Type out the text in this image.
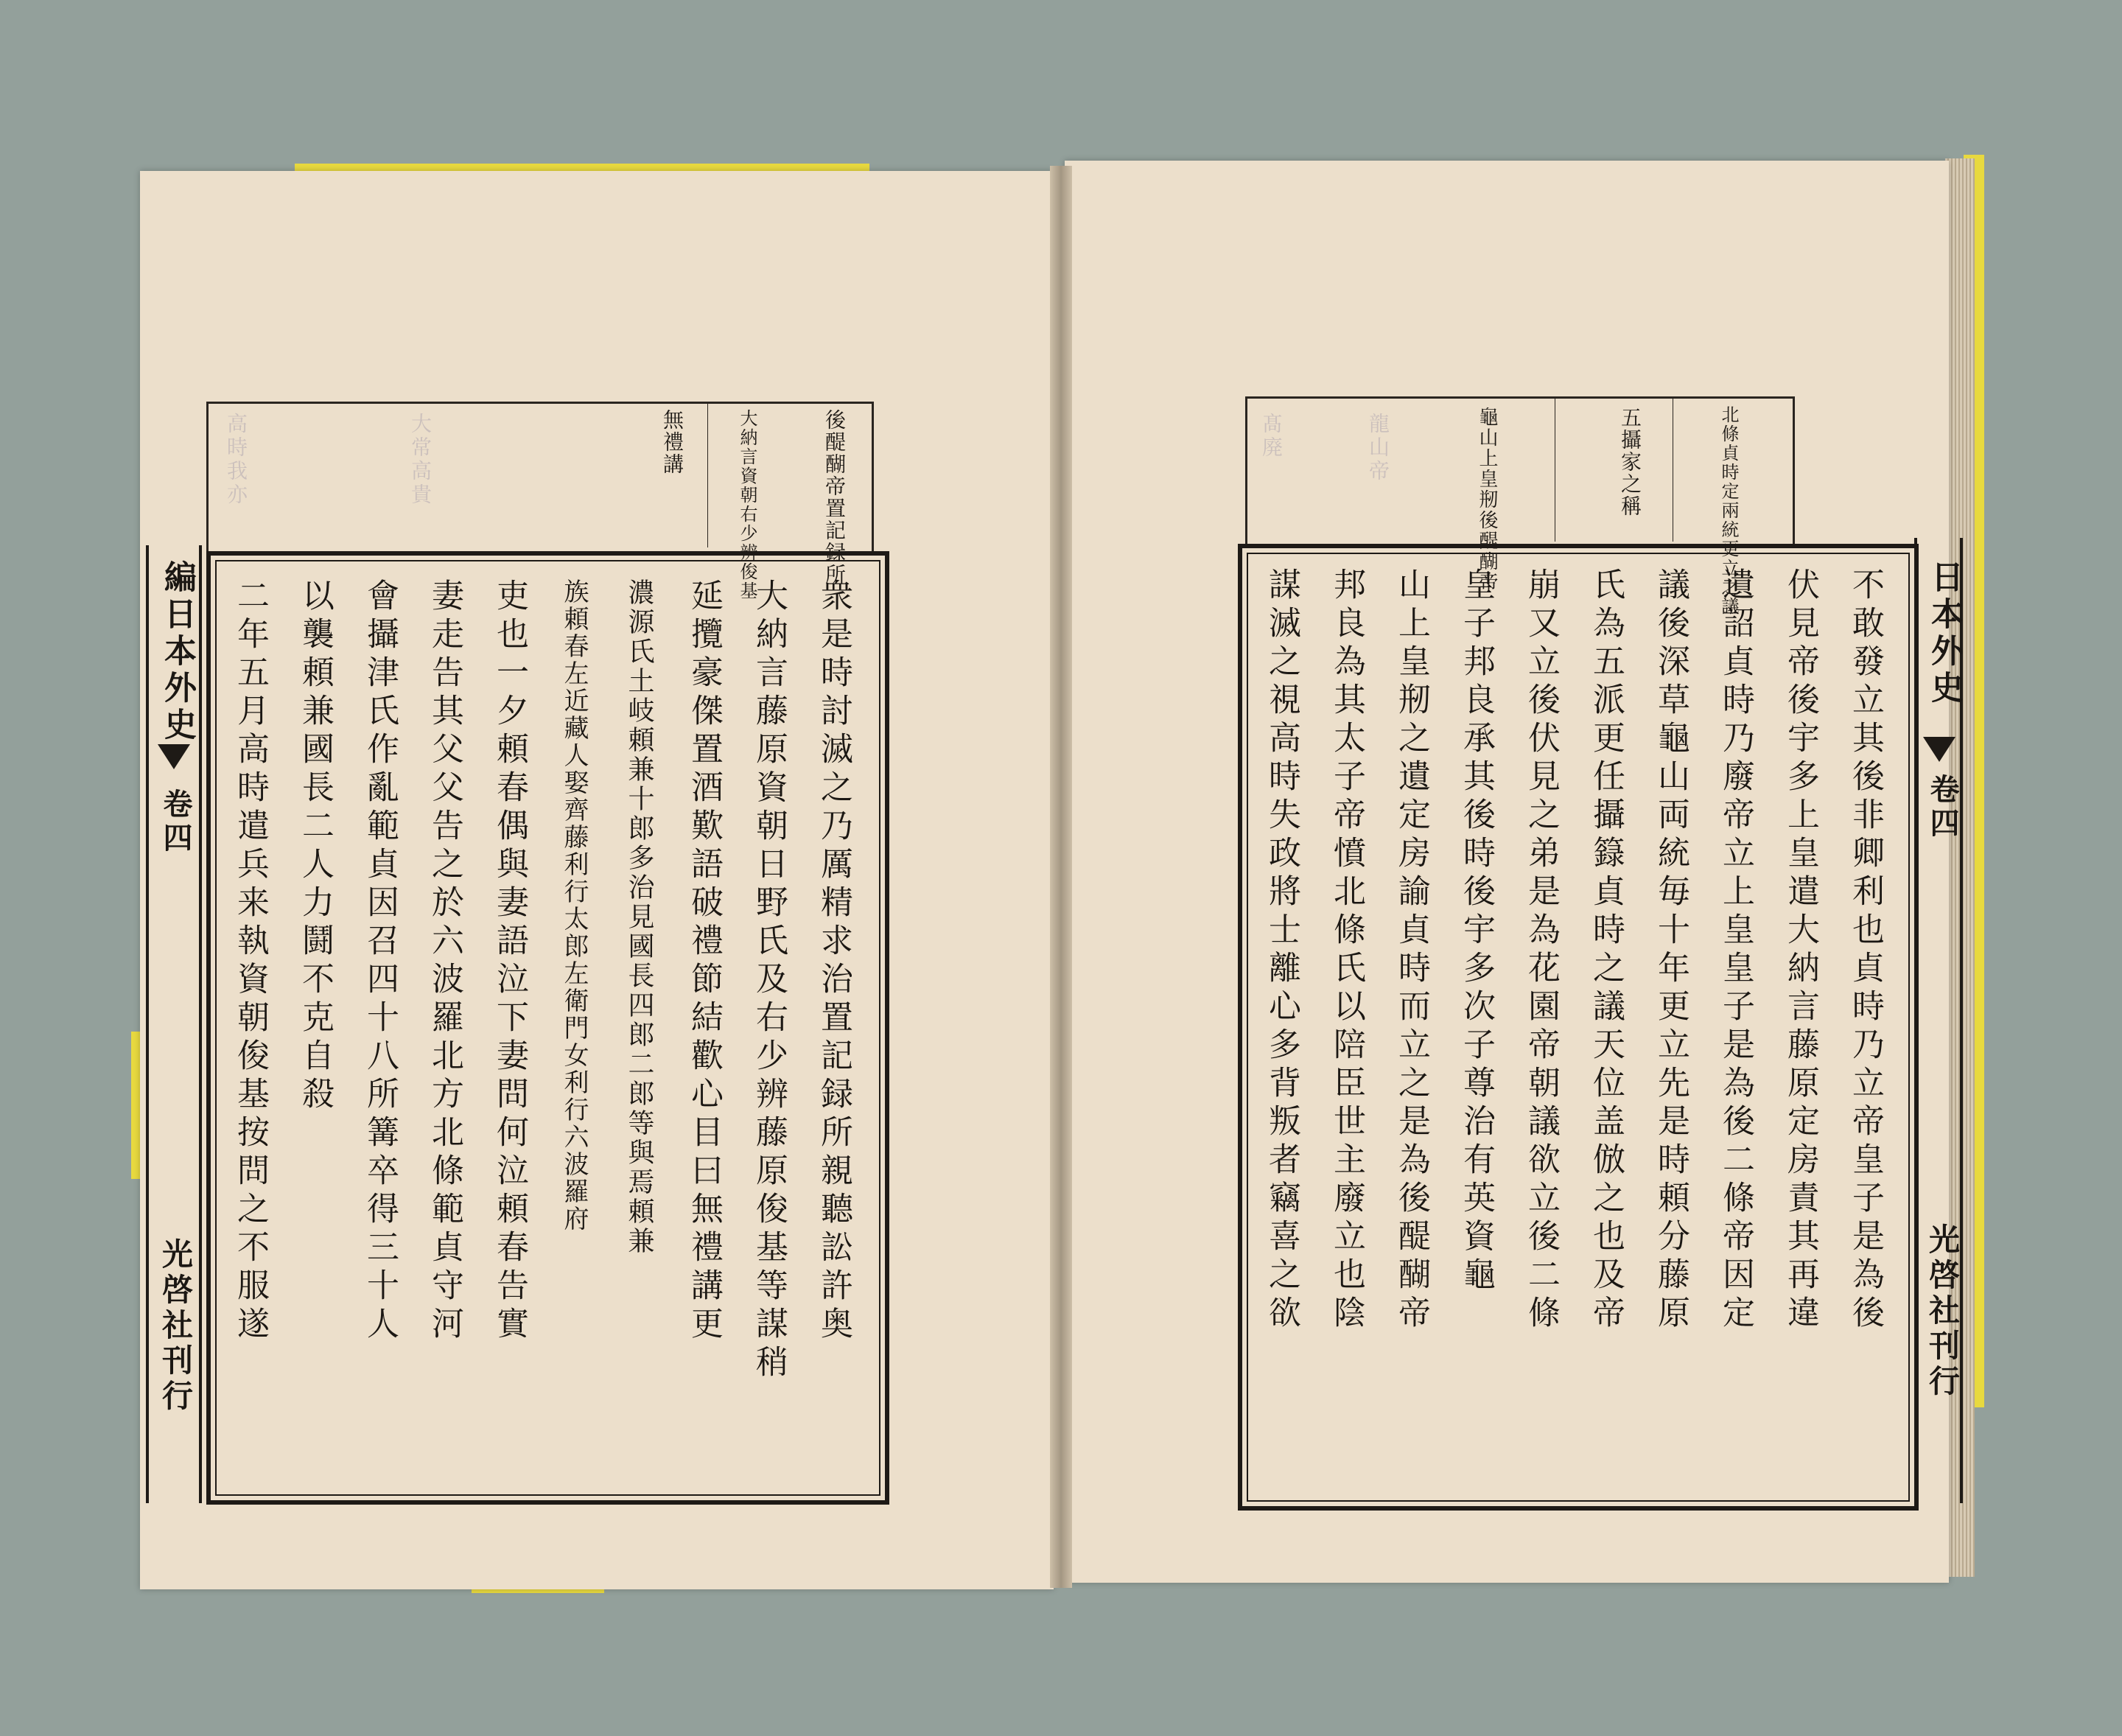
高時我亦	大常高貴	後醍醐帝置記録所
大納言資朝右少辨俊基
無禮講
衆是時討滅之乃厲精求治置記録所親聽訟許奥
大納言藤原資朝日野氏及右少辨藤原俊基等謀稍
延攬豪傑置酒歎語破禮節結歡心目曰無禮講更
濃源氏土岐頼兼十郎多治見國長四郎二郎等與焉頼兼
族頼春左近藏人娶齊藤利行太郎左衛門女利行六波羅府
吏也一夕頼春偶與妻語泣下妻問何泣頼春告實
妻走告其父父告之於六波羅北方北條範貞守河
會攝津氏作亂範貞因召四十八所篝卒得三十人
以襲頼兼國長二人力鬪不克自殺
二年五月高時遣兵来執資朝俊基按問之不服遂
編日本外史
卷四
光啓社刊行
髙廃	龍山帝	北條貞時定兩統更立之議
五攝家之稱
龜山上皇剏後醍醐帝
不敢發立其後非卿利也貞時乃立帝皇子是為後
伏見帝後宇多上皇遣大納言藤原定房責其再違
遺詔貞時乃廢帝立上皇皇子是為後二條帝因定
議後深草龜山両統毎十年更立先是時頼分藤原
氏為五派更任攝籙貞時之議天位盖倣之也及帝
崩又立後伏見之弟是為花園帝朝議欲立後二條
皇子邦良承其後時後宇多次子尊治有英資龜
山上皇剏之遺定房諭貞時而立之是為後醍醐帝
邦良為其太子帝憤北條氏以陪臣世主廢立也陰
謀滅之視高時失政將士離心多背叛者竊喜之欲	日本外史
卷四
光啓社刊行
